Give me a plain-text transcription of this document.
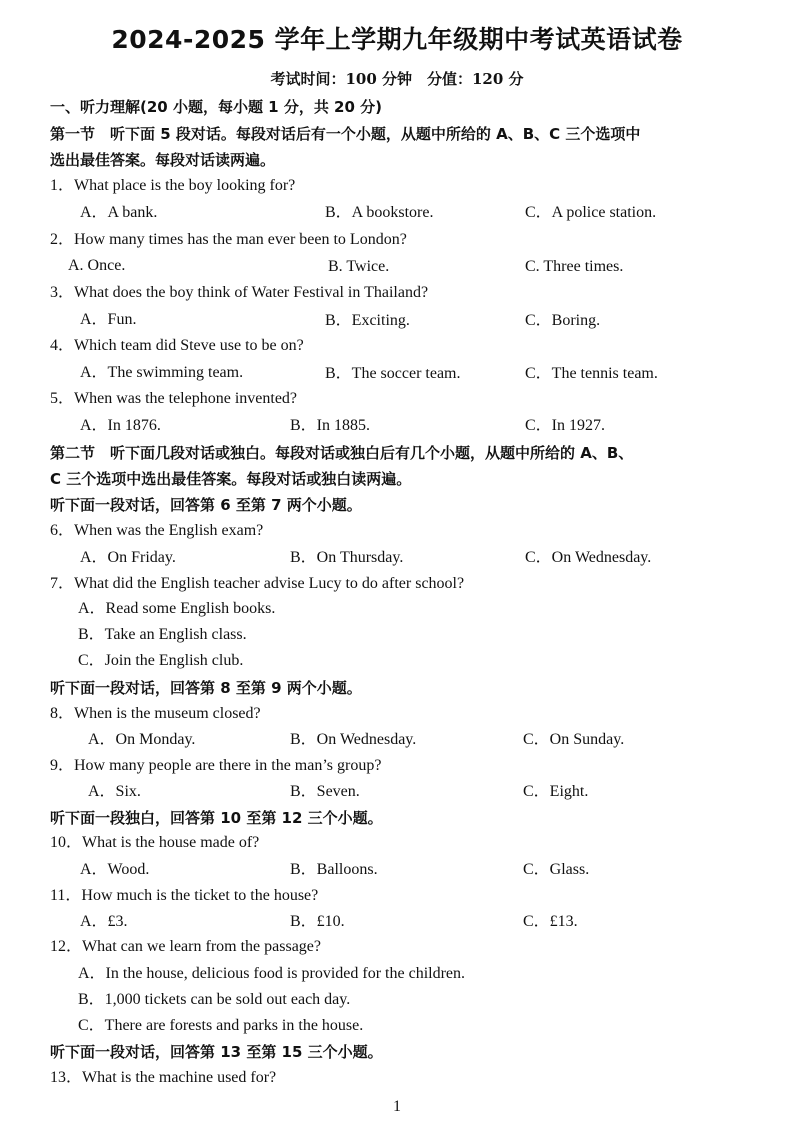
2024-2025 学年上学期九年级期中考试英语试卷
考试时间：100 分钟　分值：120 分
一、听力理解(20 小题，每小题 1 分，共 20 分)
第一节　听下面 5 段对话。每段对话后有一个小题，从题中所给的 A、B、C 三个选项中
选出最佳答案。每段对话读两遍。
1．What place is the boy looking for?
A．A bank.	B．A bookstore.	C．A police station.
2．How many times has the man ever been to London?
A. Once.	B. Twice.	C. Three times.
3．What does the boy think of Water Festival in Thailand?
A．Fun.	B．Exciting.	C．Boring.
4．Which team did Steve use to be on?
A．The swimming team.	B．The soccer team.	C．The tennis team.
5．When was the telephone invented?
A．In 1876.	B．In 1885.	C．In 1927.
第二节　听下面几段对话或独白。每段对话或独白后有几个小题，从题中所给的 A、B、
C 三个选项中选出最佳答案。每段对话或独白读两遍。
听下面一段对话，回答第 6 至第 7 两个小题。
6．When was the English exam?
A．On Friday.	B．On Thursday.	C．On Wednesday.
7．What did the English teacher advise Lucy to do after school?
A．Read some English books.
B．Take an English class.
C．Join the English club.
听下面一段对话，回答第 8 至第 9 两个小题。
8．When is the museum closed?
A．On Monday.	B．On Wednesday.	C．On Sunday.
9．How many people are there in the man’s group?
A．Six.	B．Seven.	C．Eight.
听下面一段独白，回答第 10 至第 12 三个小题。
10．What is the house made of?
A．Wood.	B．Balloons.	C．Glass.
11．How much is the ticket to the house?
A．£3.	B．£10.	C．£13.
12．What can we learn from the passage?
A．In the house, delicious food is provided for the children.
B．1,000 tickets can be sold out each day.
C．There are forests and parks in the house.
听下面一段对话，回答第 13 至第 15 三个小题。
13．What is the machine used for?
1
